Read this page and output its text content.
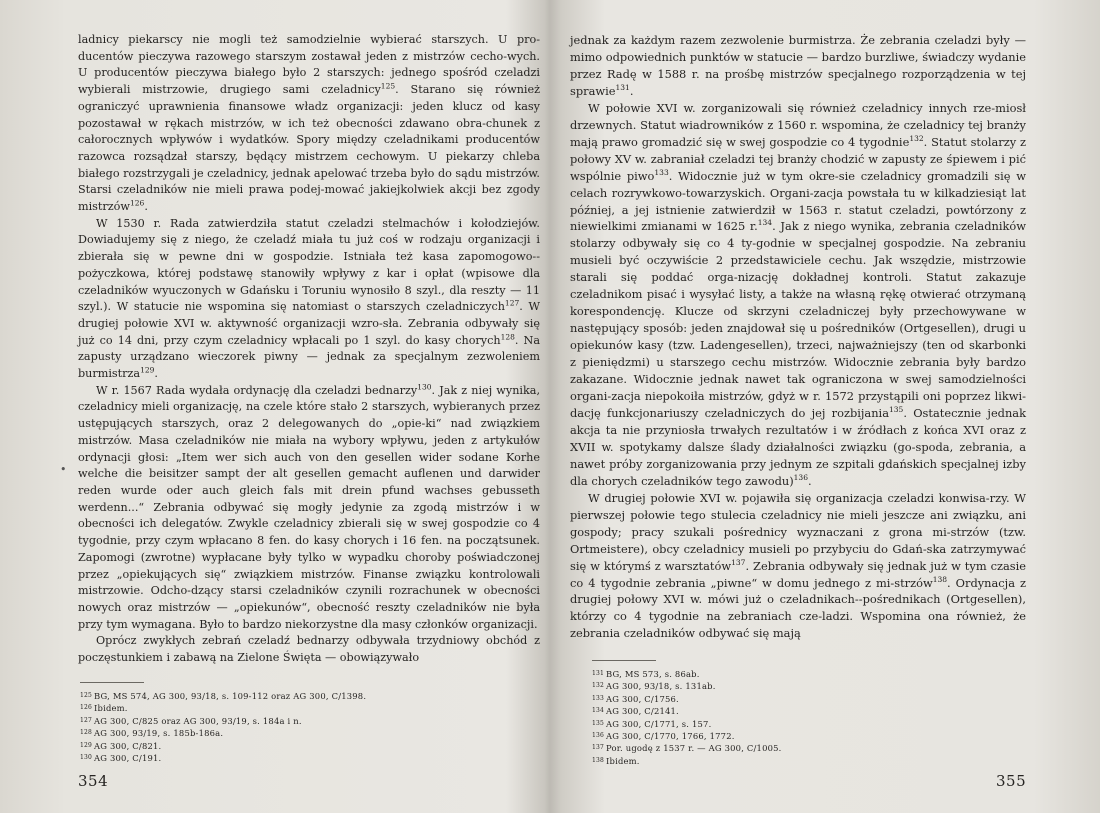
ladnicy piekarscy nie mogli też samodzielnie wybierać starszych. U pro-ducentów pieczywa razowego starszym zostawał jeden z mistrzów cecho-wych. U producentów pieczywa białego było 2 starszych: jednego spośród czeladzi wybierali mistrzowie, drugiego sami czeladnicy$^{125}$. Starano się również ograniczyć uprawnienia finansowe władz organizacji: jeden klucz od kasy pozostawał w rękach mistrzów, w ich też obecności zdawano obra-chunek z całorocznych wpływów i wydatków. Spory między czeladnikami producentów razowca rozsądzał starszy, będący mistrzem cechowym. U piekarzy chleba białego rozstrzygali je czeladnicy, jednak apelować trzeba było do sądu mistrzów. Starsi czeladników nie mieli prawa podej-mować jakiejkolwiek akcji bez zgody mistrzów$^{126}$.

W 1530 r. Rada zatwierdziła statut czeladzi stelmachów i kołodziejów. Dowiadujemy się z niego, że czeladź miała tu już coś w rodzaju organizacji i zbierała się w pewne dni w gospodzie. Istniała też kasa zapomogowo--pożyczkowa, której podstawę stanowiły wpływy z kar i opłat (wpisowe dla czeladników wyuczonych w Gdańsku i Toruniu wynosiło 8 szyl., dla reszty — 11 szyl.). W statucie nie wspomina się natomiast o starszych czeladniczych$^{127}$. W drugiej połowie XVI w. aktywność organizacji wzro-sła. Zebrania odbywały się już co 14 dni, przy czym czeladnicy wpłacali po 1 szyl. do kasy chorych$^{128}$. Na zapusty urządzano wieczorek piwny — jednak za specjalnym zezwoleniem burmistrza$^{129}$.

W r. 1567 Rada wydała ordynację dla czeladzi bednarzy$^{130}$. Jak z niej wynika, czeladnicy mieli organizację, na czele które stało 2 starszych, wybieranych przez ustępujących starszych, oraz 2 delegowanych do „opie-ki“ nad związkiem mistrzów. Masa czeladników nie miała na wybory wpływu, jeden z artykułów ordynacji głosi: „Item wer sich auch von den gesellen wider sodane Korhe welche die beisitzer sampt der alt gesellen gemacht auflenen und darwider reden wurde oder auch gleich fals mit drein pfund wachses gebusseth werdenn...“ Zebrania odbywać się mogły jedynie za zgodą mistrzów i w obecności ich delegatów. Zwykle czeladnicy zbierali się w swej gospodzie co 4 tygodnie, przy czym wpłacano 8 fen. do kasy chorych i 16 fen. na początsunek. Zapomogi (zwrotne) wypłacane były tylko w wypadku choroby poświadczonej przez „opiekujących się“ związkiem mistrzów. Finanse związku kontrolowali mistrzowie. Odcho-dzący starsi czeladników czynili rozrachunek w obecności nowych oraz mistrzów — „opiekunów“, obecność reszty czeladników nie była przy tym wymagana. Było to bardzo niekorzystne dla masy członków organizacji.

Oprócz zwykłych zebrań czeladź bednarzy odbywała trzydniowy obchód z poczęstunkiem i zabawą na Zielone Święta — obowiązywało

•
125 BG, MS 574, AG 300, 93/18, s. 109-112 oraz AG 300, C/1398.
126 Ibidem.
127 AG 300, C/825 oraz AG 300, 93/19, s. 184a i n.
128 AG 300, 93/19, s. 185b-186a.
129 AG 300, C/821.
130 AG 300, C/191.
354

jednak za każdym razem zezwolenie burmistrza. Że zebrania czeladzi były — mimo odpowiednich punktów w statucie — bardzo burzliwe, świadczy wydanie przez Radę w 1588 r. na prośbę mistrzów specjalnego rozporządzenia w tej sprawie$^{131}$.

W połowie XVI w. zorganizowali się również czeladnicy innych rze-miosł drzewnych. Statut wiadrowników z 1560 r. wspomina, że czeladnicy tej branży mają prawo gromadzić się w swej gospodzie co 4 tygodnie$^{132}$. Statut stolarzy z połowy XV w. zabraniał czeladzi tej branży chodzić w zapusty ze śpiewem i pić wspólnie piwo$^{133}$. Widocznie już w tym okre-sie czeladnicy gromadzili się w celach rozrywkowo-towarzyskich. Organi-zacja powstała tu w kilkadziesiąt lat później, a jej istnienie zatwierdził w 1563 r. statut czeladzi, powtórzony z niewielkimi zmianami w 1625 r.$^{134}$. Jak z niego wynika, zebrania czeladników stolarzy odbywały się co 4 ty-godnie w specjalnej gospodzie. Na zebraniu musieli być oczywiście 2 przedstawiciele cechu. Jak wszędzie, mistrzowie starali się poddać orga-nizację dokładnej kontroli. Statut zakazuje czeladnikom pisać i wysyłać listy, a także na własną rękę otwierać otrzymaną korespondencję. Klucze od skrzyni czeladniczej były przechowywane w następujący sposób: jeden znajdował się u pośredników (Ortgesellen), drugi u opiekunów kasy (tzw. Ladengesellen), trzeci, najważniejszy (ten od skarbonki z pieniędzmi) u starszego cechu mistrzów. Widocznie zebrania były bardzo zakazane. Widocznie jednak nawet tak ograniczona w swej samodzielności organi-zacja niepokoiła mistrzów, gdyż w r. 1572 przystąpili oni poprzez likwi-dację funkcjonariuszy czeladniczych do jej rozbijania$^{135}$. Ostatecznie jednak akcja ta nie przyniosła trwałych rezultatów i w źródłach z końca XVI oraz z XVII w. spotykamy dalsze ślady działalności związku (go-spoda, zebrania, a nawet próby zorganizowania przy jednym ze szpitali gdańskich specjalnej izby dla chorych czeladników tego zawodu)$^{136}$.

W drugiej połowie XVI w. pojawiła się organizacja czeladzi konwisa-rzy. W pierwszej połowie tego stulecia czeladnicy nie mieli jeszcze ani związku, ani gospody; pracy szukali pośrednicy wyznaczani z grona mi-strzów (tzw. Ortmeistere), obcy czeladnicy musieli po przybyciu do Gdań-ska zatrzymywać się w którymś z warsztatów$^{137}$. Zebrania odbywały się jednak już w tym czasie co 4 tygodnie zebrania „piwne“ w domu jednego z mi-strzów$^{138}$. Ordynacja z drugiej połowy XVI w. mówi już o czeladnikach--pośrednikach (Ortgesellen), którzy co 4 tygodnie na zebraniach cze-ladzi. Wspomina ona również, że zebrania czeladników odbywać się mają

131 BG, MS 573, s. 86ab.
132 AG 300, 93/18, s. 131ab.
133 AG 300, C/1756.
134 AG 300, C/2141.
135 AG 300, C/1771, s. 157.
136 AG 300, C/1770, 1766, 1772.
137 Por. ugodę z 1537 r. — AG 300, C/1005.
138 Ibidem.
355
